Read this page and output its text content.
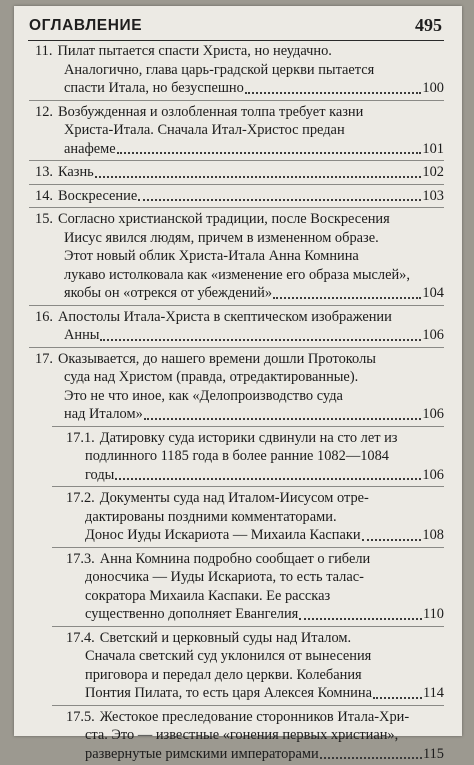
ОГЛАВЛЕНИЕ	495
11. Пилат пытается спасти Христа, но неудачно.
Аналогично, глава царь-градской церкви пытается
спасти Итала, но безуспешно	100
12. Возбужденная и озлобленная толпа требует казни
Христа-Итала. Сначала Итал-Христос предан
анафеме	101
13. Казнь	102
14. Воскресение	103
15. Согласно христианской традиции, после Воскресения
Иисус явился людям, причем в измененном образе.
Этот новый облик Христа-Итала Анна Комнина
лукаво истолковала как «изменение его образа мыслей»,
якобы он «отрекся от убеждений»	104
16. Апостолы Итала-Христа в скептическом изображении
Анны	106
17. Оказывается, до нашего времени дошли Протоколы
суда над Христом (правда, отредактированные).
Это не что иное, как «Делопроизводство суда
над Италом»	106
17.1. Датировку суда историки сдвинули на сто лет из
подлинного 1185 года в более ранние 1082—1084
годы	106
17.2. Документы суда над Италом-Иисусом отре-
дактированы поздними комментаторами.
Донос Иуды Искариота — Михаила Каспаки	108
17.3. Анна Комнина подробно сообщает о гибели
доносчика — Иуды Искариота, то есть талас-
сократора Михаила Каспаки. Ее рассказ
существенно дополняет Евангелия	110
17.4. Светский и церковный суды над Италом.
Сначала светский суд уклонился от вынесения
приговора и передал дело церкви. Колебания
Понтия Пилата, то есть царя Алексея Комнина	114
17.5. Жестокое преследование сторонников Итала-Хри-
ста. Это — известные «гонения первых христиан»,
развернутые римскими императорами	115
